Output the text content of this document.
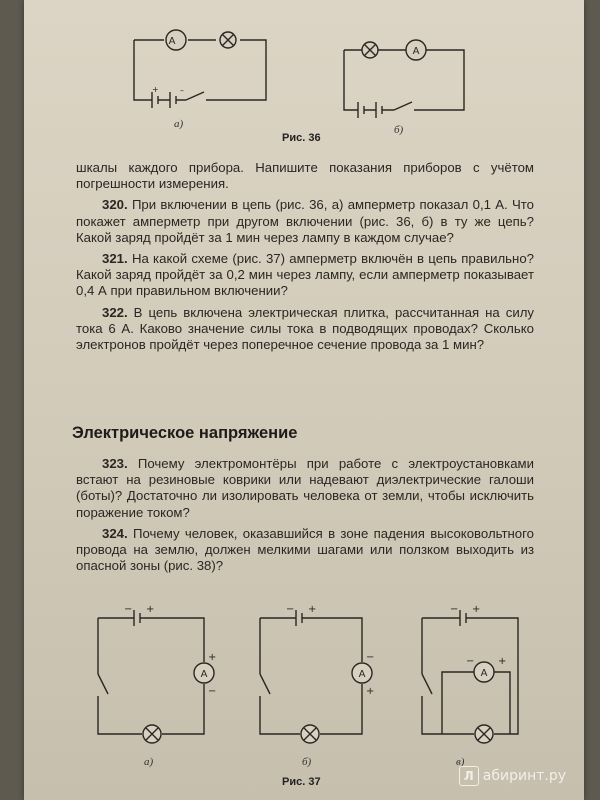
+	–
A
A
а)	б)
Рис. 36

шкалы каждого прибора. Напишите показания приборов с учётом погрешности измерения.

320. При включении в цепь (рис. 36, а) амперметр показал 0,1 А. Что покажет амперметр при другом включении (рис. 36, б) в ту же цепь? Какой заряд пройдёт за 1 мин через лампу в каждом случае?

321. На какой схеме (рис. 37) амперметр включён в цепь правильно? Какой заряд пройдёт за 0,2 мин через лампу, если амперметр показывает 0,4 А при правильном включении?

322. В цепь включена электрическая плитка, рассчитанная на силу тока 6 А. Каково значение силы тока в подводящих проводах? Сколько электронов пройдёт через поперечное сечение провода за 1 мин?

Электрическое напряжение

323. Почему электромонтёры при работе с электроустановками встают на резиновые коврики или надевают диэлектрические галоши (боты)? Достаточно ли изолировать человека от земли, чтобы исключить поражение током?

324. Почему человек, оказавшийся в зоне падения высоковольтного провода на землю, должен мелкими шагами или ползком выходить из опасной зоны (рис. 38)?

A
− +
+
−
A
− +
−
+
A
− +
− +
а)	б)	в)
Рис. 37	Л абиринт.ру
